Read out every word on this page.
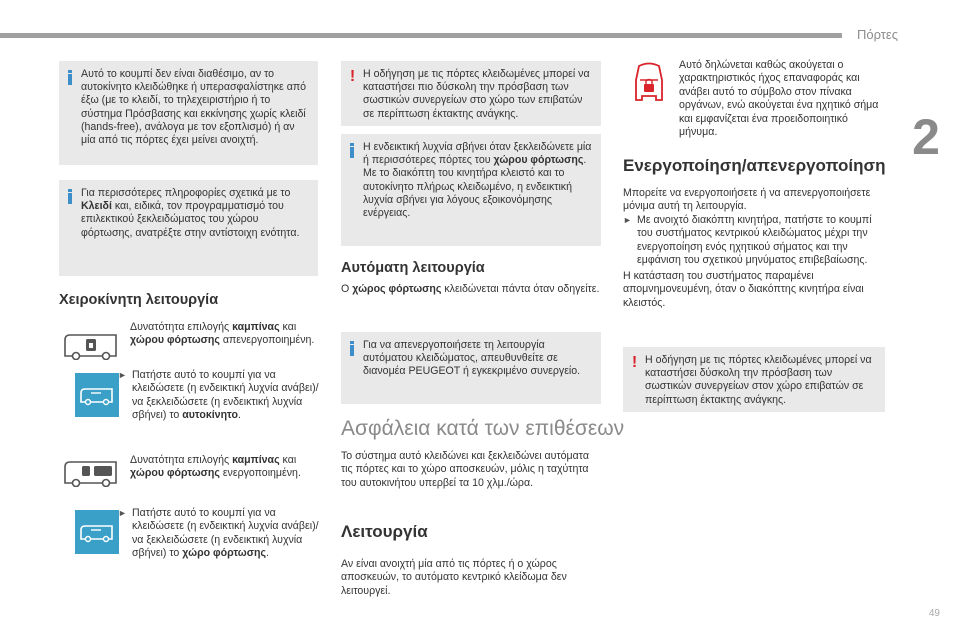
Πόρτες
2
49
Αυτό το κουμπί δεν είναι διαθέσιμο, αν το αυτοκίνητο κλειδώθηκε ή υπερασφαλίστηκε από έξω (με το κλειδί, το τηλεχειριστήριο ή το σύστημα Πρόσβασης και εκκίνησης χωρίς κλειδί (hands-free), ανάλογα με τον εξοπλισμό) ή αν μία από τις πόρτες έχει μείνει ανοιχτή.
Για περισσότερες πληροφορίες σχετικά με το Κλειδί και, ειδικά, τον προγραμματισμό του επιλεκτικού ξεκλειδώματος του χώρου φόρτωσης, ανατρέξτε στην αντίστοιχη ενότητα.
Χειροκίνητη λειτουργία
Δυνατότητα επιλογής καμπίνας και χώρου φόρτωσης απενεργοποιημένη.
► Πατήστε αυτό το κουμπί για να κλειδώσετε (η ενδεικτική λυχνία ανάβει)/να ξεκλειδώσετε (η ενδεικτική λυχνία σβήνει) το αυτοκίνητο.
Δυνατότητα επιλογής καμπίνας και χώρου φόρτωσης ενεργοποιημένη.
► Πατήστε αυτό το κουμπί για να κλειδώσετε (η ενδεικτική λυχνία ανάβει)/να ξεκλειδώσετε (η ενδεικτική λυχνία σβήνει) το χώρο φόρτωσης.
! Η οδήγηση με τις πόρτες κλειδωμένες μπορεί να καταστήσει πιο δύσκολη την πρόσβαση των σωστικών συνεργείων στο χώρο των επιβατών σε περίπτωση έκτακτης ανάγκης.
Η ενδεικτική λυχνία σβήνει όταν ξεκλειδώνετε μία ή περισσότερες πόρτες του χώρου φόρτωσης. Με το διακόπτη του κινητήρα κλειστό και το αυτοκίνητο πλήρως κλειδωμένο, η ενδεικτική λυχνία σβήνει για λόγους εξοικονόμησης ενέργειας.
Αυτόματη λειτουργία
Ο χώρος φόρτωσης κλειδώνεται πάντα όταν οδηγείτε.
Για να απενεργοποιήσετε τη λειτουργία αυτόματου κλειδώματος, απευθυνθείτε σε διανομέα PEUGEOT ή εγκεκριμένο συνεργείο.
Ασφάλεια κατά των επιθέσεων
Το σύστημα αυτό κλειδώνει και ξεκλειδώνει αυτόματα τις πόρτες και το χώρο αποσκευών, μόλις η ταχύτητα του αυτοκινήτου υπερβεί τα 10 χλμ./ώρα.
Λειτουργία
Αν είναι ανοιχτή μία από τις πόρτες ή ο χώρος αποσκευών, το αυτόματο κεντρικό κλείδωμα δεν λειτουργεί.
Αυτό δηλώνεται καθώς ακούγεται ο χαρακτηριστικός ήχος επαναφοράς και ανάβει αυτό το σύμβολο στον πίνακα οργάνων, ενώ ακούγεται ένα ηχητικό σήμα και εμφανίζεται ένα προειδοποιητικό μήνυμα.
Ενεργοποίηση/απενεργοποίηση
Μπορείτε να ενεργοποιήσετε ή να απενεργοποιήσετε μόνιμα αυτή τη λειτουργία.
► Με ανοιχτό διακόπτη κινητήρα, πατήστε το κουμπί του συστήματος κεντρικού κλειδώματος μέχρι την ενεργοποίηση ενός ηχητικού σήματος και την εμφάνιση του σχετικού μηνύματος επιβεβαίωσης.
Η κατάσταση του συστήματος παραμένει απομνημονευμένη, όταν ο διακόπτης κινητήρα είναι κλειστός.
! Η οδήγηση με τις πόρτες κλειδωμένες μπορεί να καταστήσει δύσκολη την πρόσβαση των σωστικών συνεργείων στον χώρο επιβατών σε περίπτωση έκτακτης ανάγκης.
